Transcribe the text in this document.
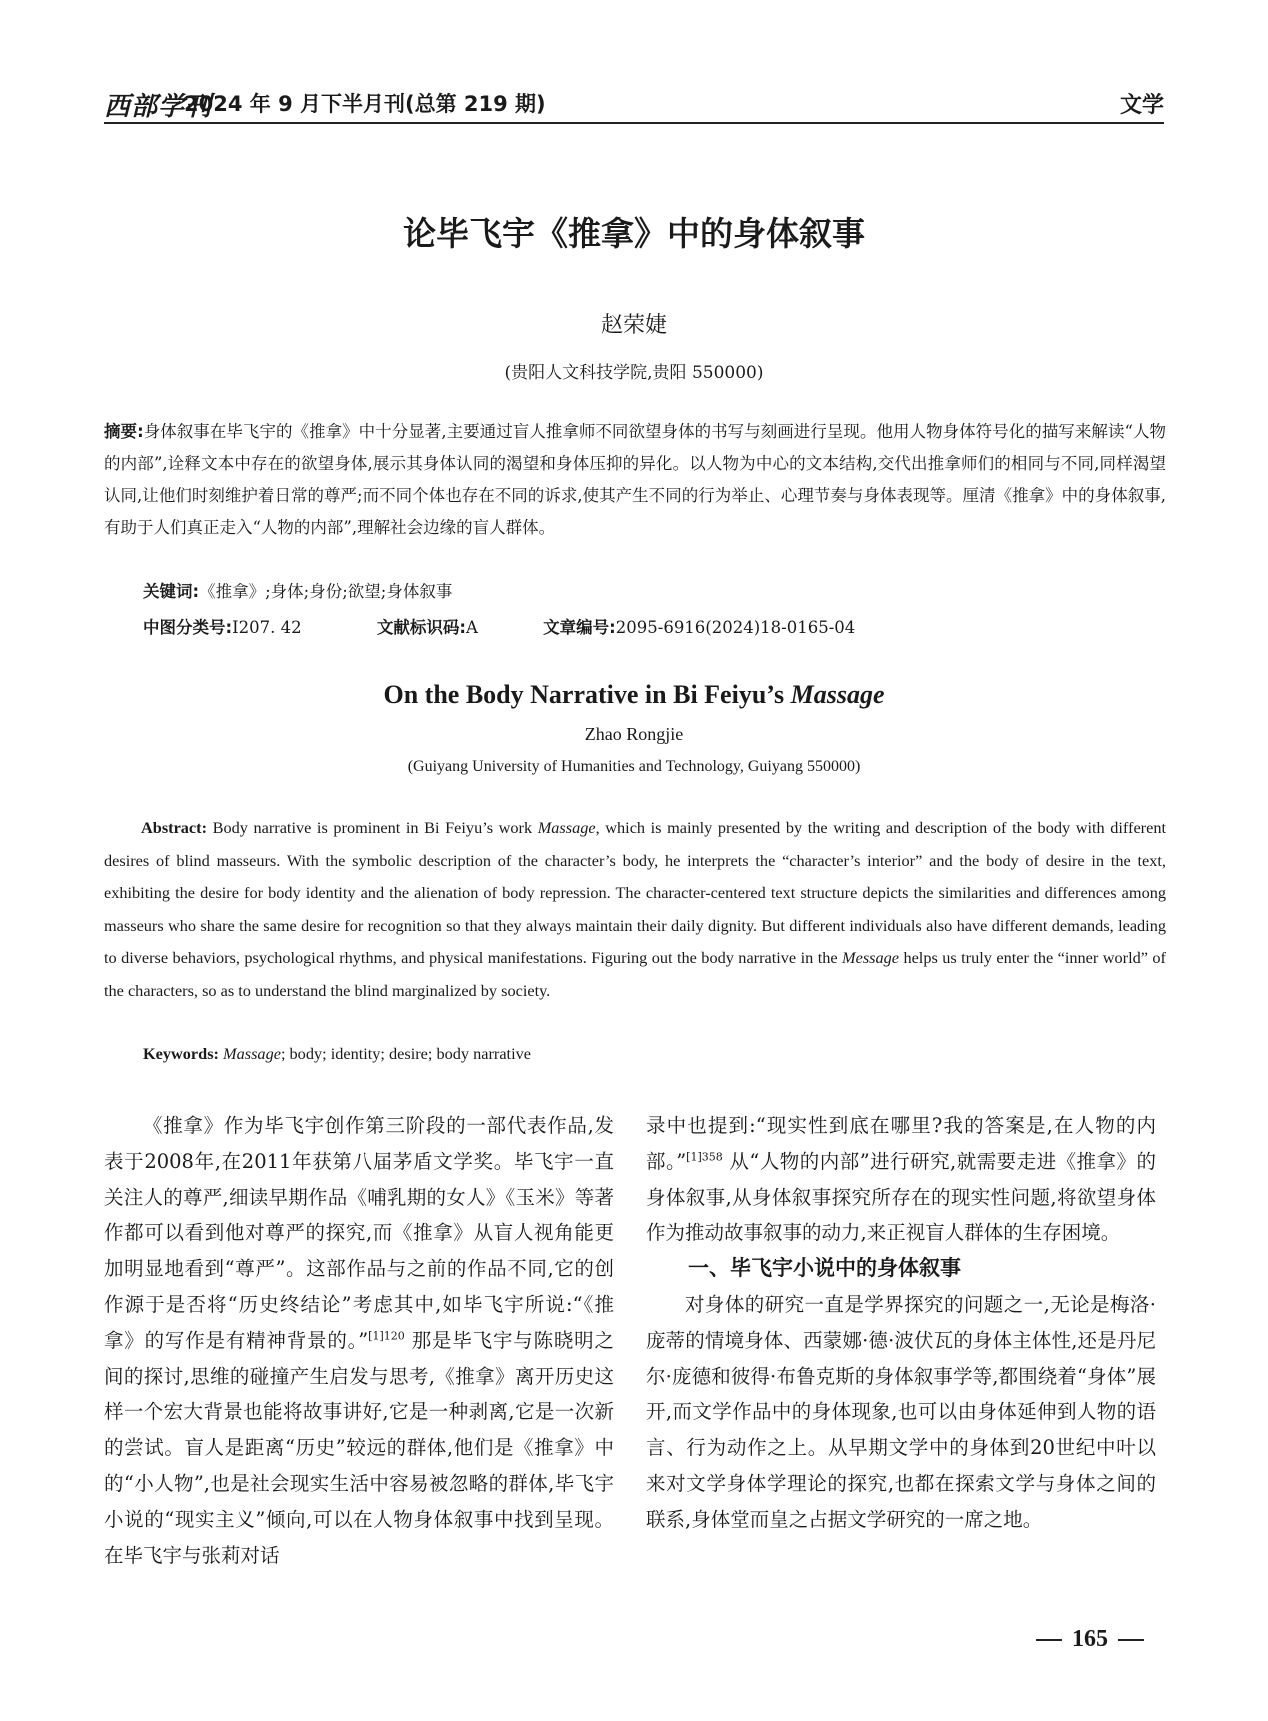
西部学刊
2024 年 9 月下半月刊(总第 219 期)	文学
论毕飞宇《推拿》中的身体叙事
赵荣婕
(贵阳人文科技学院,贵阳 550000)
摘要:身体叙事在毕飞宇的《推拿》中十分显著,主要通过盲人推拿师不同欲望身体的书写与刻画进行呈现。他用人物身体符号化的描写来解读“人物的内部”,诠释文本中存在的欲望身体,展示其身体认同的渴望和身体压抑的异化。以人物为中心的文本结构,交代出推拿师们的相同与不同,同样渴望认同,让他们时刻维护着日常的尊严;而不同个体也存在不同的诉求,使其产生不同的行为举止、心理节奏与身体表现等。厘清《推拿》中的身体叙事,有助于人们真正走入“人物的内部”,理解社会边缘的盲人群体。
关键词:《推拿》;身体;身份;欲望;身体叙事
中图分类号:I207. 42	文献标识码:A	文章编号:2095-6916(2024)18-0165-04
On the Body Narrative in Bi Feiyu’s Massage
Zhao Rongjie
(Guiyang University of Humanities and Technology, Guiyang 550000)
Abstract: Body narrative is prominent in Bi Feiyu’s work Massage, which is mainly presented by the writing and description of the body with different desires of blind masseurs. With the symbolic description of the character’s body, he interprets the “character’s interior” and the body of desire in the text, exhibiting the desire for body identity and the alienation of body repression. The character-centered text structure depicts the similarities and differences among masseurs who share the same desire for recognition so that they always maintain their daily dignity. But different individuals also have different demands, leading to diverse behaviors, psychological rhythms, and physical manifestations. Figuring out the body narrative in the Message helps us truly enter the “inner world” of the characters, so as to understand the blind marginalized by society.
Keywords: Massage; body; identity; desire; body narrative

《推拿》作为毕飞宇创作第三阶段的一部代表作品,发表于2008年,在2011年获第八届茅盾文学奖。毕飞宇一直关注人的尊严,细读早期作品《哺乳期的女人》《玉米》等著作都可以看到他对尊严的探究,而《推拿》从盲人视角能更加明显地看到“尊严”。这部作品与之前的作品不同,它的创作源于是否将“历史终结论”考虑其中,如毕飞宇所说:“《推拿》的写作是有精神背景的。”$^{[1]120}$ 那是毕飞宇与陈晓明之间的探讨,思维的碰撞产生启发与思考,《推拿》离开历史这样一个宏大背景也能将故事讲好,它是一种剥离,它是一次新的尝试。盲人是距离“历史”较远的群体,他们是《推拿》中的“小人物”,也是社会现实生活中容易被忽略的群体,毕飞宇小说的“现实主义”倾向,可以在人物身体叙事中找到呈现。在毕飞宇与张莉对话

录中也提到:“现实性到底在哪里?我的答案是,在人物的内部。”$^{[1]358}$ 从“人物的内部”进行研究,就需要走进《推拿》的身体叙事,从身体叙事探究所存在的现实性问题,将欲望身体作为推动故事叙事的动力,来正视盲人群体的生存困境。

一、毕飞宇小说中的身体叙事

对身体的研究一直是学界探究的问题之一,无论是梅洛·庞蒂的情境身体、西蒙娜·德·波伏瓦的身体主体性,还是丹尼尔·庞德和彼得·布鲁克斯的身体叙事学等,都围绕着“身体”展开,而文学作品中的身体现象,也可以由身体延伸到人物的语言、行为动作之上。从早期文学中的身体到20世纪中叶以来对文学身体学理论的探究,也都在探索文学与身体之间的联系,身体堂而皇之占据文学研究的一席之地。

165
